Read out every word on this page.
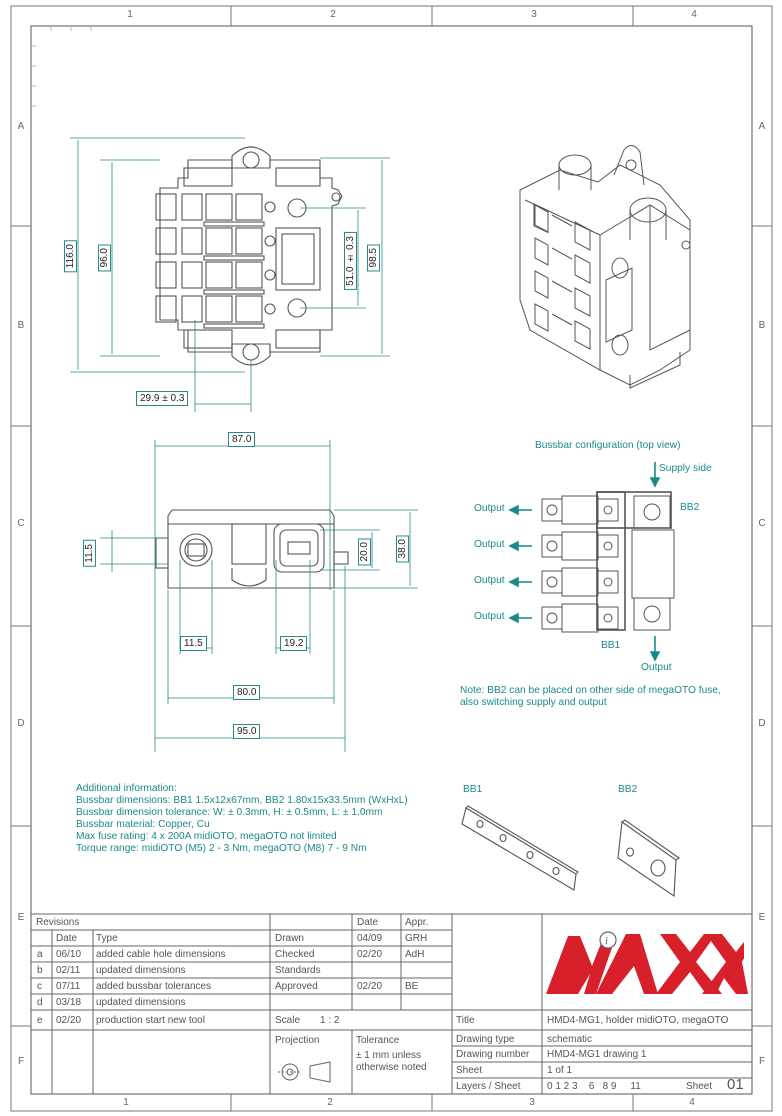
i
1	2	3	4
1	2	3	4
A
B
C
D
E
F
A
B
C
D
E
F
116.0 96.0	51.0 ± 0.3 98.5
29.9 ± 0.3
87.0
11.5	20.0	38.0
11.5	19.2
80.0
95.0
Bussbar configuration (top view)
Supply side
BB2
BB1
Output
Output
Output
Output
Output
Note: BB2 can be placed on other side of megaOTO fuse,
also switching supply and output
Additional information:
Bussbar dimensions: BB1 1.5x12x67mm, BB2 1.80x15x33.5mm (WxHxL)
Bussbar dimension tolerance: W: ± 0.3mm, H: ± 0.5mm, L: ± 1.0mm
Bussbar material: Copper, Cu
Max fuse rating: 4 x 200A midiOTO, megaOTO not limited
Torque range: midiOTO (M5) 2 - 3 Nm, megaOTO (M8) 7 - 9 Nm
BB1	BB2
Revisions
Date Type
a 06/10 added cable hole dimensions
b 02/11 updated dimensions
c 07/11 added bussbar tolerances
d 03/18 updated dimensions
e 02/20 production start new tool
Date	Appr.
Drawn	04/09 GRH
Checked	02/20 AdH
Standards
Approved	02/20 BE
Scale 1 : 2
Projection	Tolerance
± 1 mm unless
otherwise noted
Title	HMD4-MG1, holder midiOTO, megaOTO
Drawing type	schematic
Drawing number HMD4-MG1 drawing 1
Sheet	1 of 1
Layers / Sheet	0 1 2 3    6   8 9     11	Sheet 01
